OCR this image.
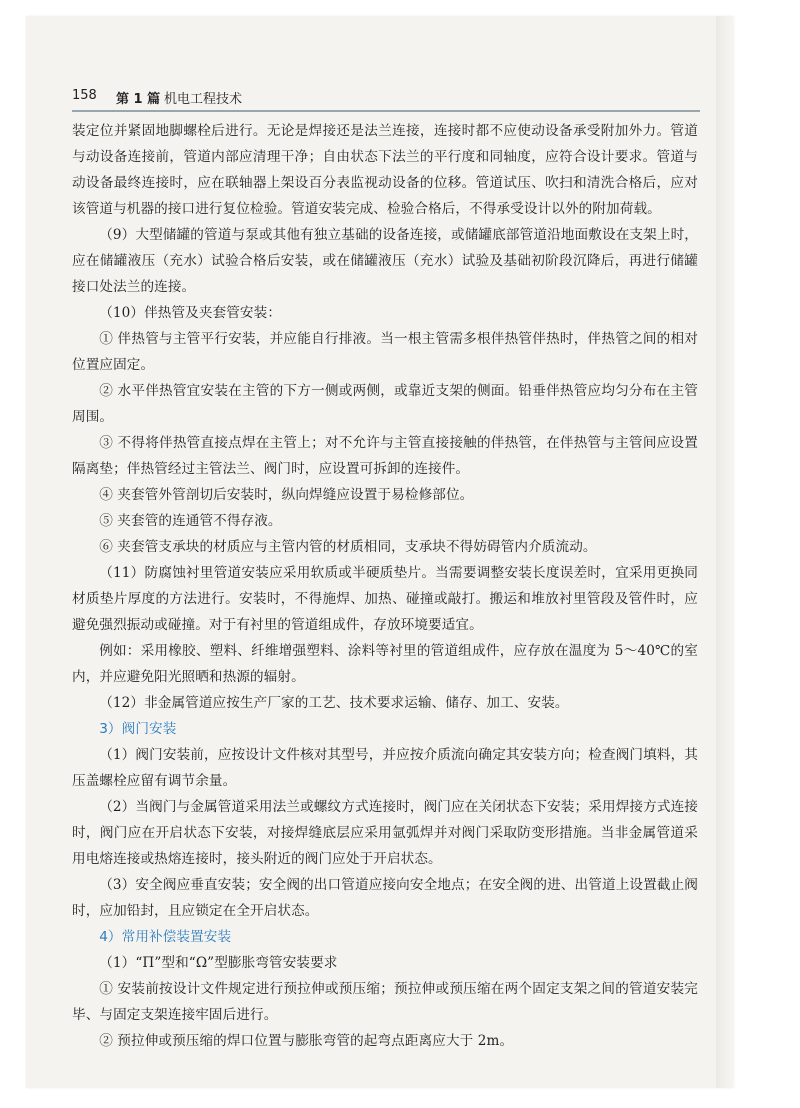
158 第 1 篇 机电工程技术

装定位并紧固地脚螺栓后进行。无论是焊接还是法兰连接，连接时都不应使动设备承受附加外力。管道与动设备连接前，管道内部应清理干净；自由状态下法兰的平行度和同轴度，应符合设计要求。管道与动设备最终连接时，应在联轴器上架设百分表监视动设备的位移。管道试压、吹扫和清洗合格后，应对该管道与机器的接口进行复位检验。管道安装完成、检验合格后，不得承受设计以外的附加荷载。

（9）大型储罐的管道与泵或其他有独立基础的设备连接，或储罐底部管道沿地面敷设在支架上时，应在储罐液压（充水）试验合格后安装，或在储罐液压（充水）试验及基础初阶段沉降后，再进行储罐接口处法兰的连接。

（10）伴热管及夹套管安装：

① 伴热管与主管平行安装，并应能自行排液。当一根主管需多根伴热管伴热时，伴热管之间的相对位置应固定。

② 水平伴热管宜安装在主管的下方一侧或两侧，或靠近支架的侧面。铅垂伴热管应均匀分布在主管周围。

③ 不得将伴热管直接点焊在主管上；对不允许与主管直接接触的伴热管，在伴热管与主管间应设置隔离垫；伴热管经过主管法兰、阀门时，应设置可拆卸的连接件。

④ 夹套管外管剖切后安装时，纵向焊缝应设置于易检修部位。

⑤ 夹套管的连通管不得存液。

⑥ 夹套管支承块的材质应与主管内管的材质相同，支承块不得妨碍管内介质流动。

（11）防腐蚀衬里管道安装应采用软质或半硬质垫片。当需要调整安装长度误差时，宜采用更换同材质垫片厚度的方法进行。安装时，不得施焊、加热、碰撞或敲打。搬运和堆放衬里管段及管件时，应避免强烈振动或碰撞。对于有衬里的管道组成件，存放环境要适宜。

例如：采用橡胶、塑料、纤维增强塑料、涂料等衬里的管道组成件，应存放在温度为 5～40℃的室内，并应避免阳光照晒和热源的辐射。

（12）非金属管道应按生产厂家的工艺、技术要求运输、储存、加工、安装。

3）阀门安装

（1）阀门安装前，应按设计文件核对其型号，并应按介质流向确定其安装方向；检查阀门填料，其压盖螺栓应留有调节余量。

（2）当阀门与金属管道采用法兰或螺纹方式连接时，阀门应在关闭状态下安装；采用焊接方式连接时，阀门应在开启状态下安装，对接焊缝底层应采用氩弧焊并对阀门采取防变形措施。当非金属管道采用电熔连接或热熔连接时，接头附近的阀门应处于开启状态。

（3）安全阀应垂直安装；安全阀的出口管道应接向安全地点；在安全阀的进、出管道上设置截止阀时，应加铅封，且应锁定在全开启状态。

4）常用补偿装置安装

（1）“Π”型和“Ω”型膨胀弯管安装要求

① 安装前按设计文件规定进行预拉伸或预压缩；预拉伸或预压缩在两个固定支架之间的管道安装完毕、与固定支架连接牢固后进行。

② 预拉伸或预压缩的焊口位置与膨胀弯管的起弯点距离应大于 2m。
